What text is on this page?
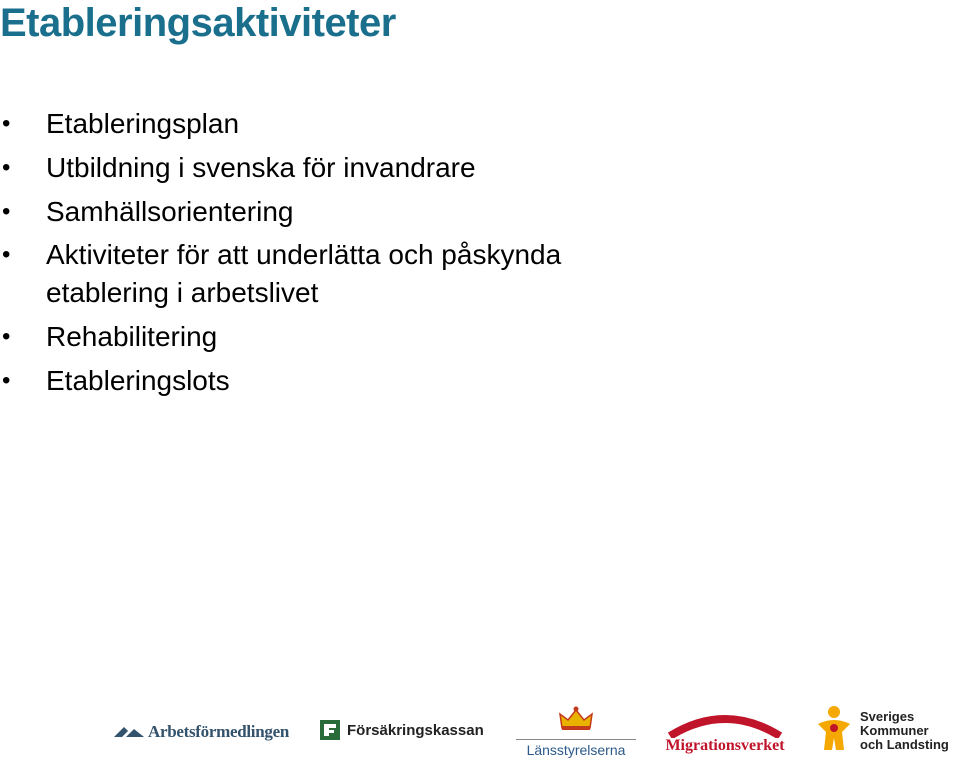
Etableringsaktiviteter
• Etableringsplan
• Utbildning i svenska för invandrare
• Samhällsorientering
• Aktiviteter för att underlätta och påskynda etablering i arbetslivet
• Rehabilitering
• Etableringslots
Arbetsförmedlingen	Försäkringskassan
Länsstyrelserna	Migrationsverket
Sveriges
Kommuner
och Landsting
